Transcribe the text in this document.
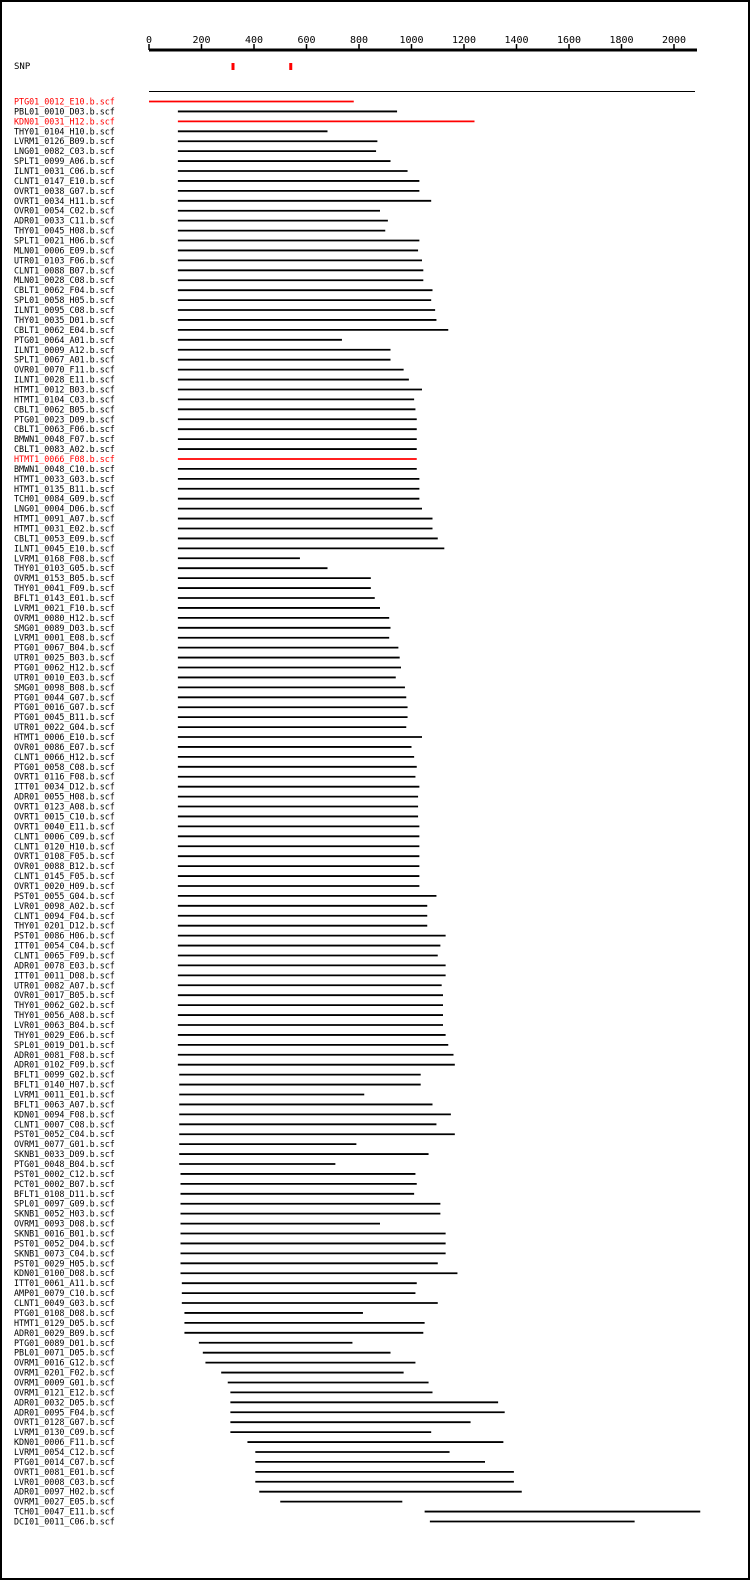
0	200	400	600	800	1000	1200	1400	1600	1800	2000
SNP
PTG01_0012_E10.b.scf
PBL01_0010_D03.b.scf
KDN01_0031_H12.b.scf
THY01_0104_H10.b.scf
LVRM1_0126_B09.b.scf
LNG01_0082_C03.b.scf
SPLT1_0099_A06.b.scf
ILNT1_0031_C06.b.scf
CLNT1_0147_E10.b.scf
OVRT1_0038_G07.b.scf
OVRT1_0034_H11.b.scf
OVR01_0054_C02.b.scf
ADR01_0033_C11.b.scf
THY01_0045_H08.b.scf
SPLT1_0021_H06.b.scf
MLN01_0006_E09.b.scf
UTR01_0103_F06.b.scf
CLNT1_0088_B07.b.scf
MLN01_0028_C08.b.scf
CBLT1_0062_F04.b.scf
SPL01_0058_H05.b.scf
ILNT1_0095_C08.b.scf
THY01_0035_D01.b.scf
CBLT1_0062_E04.b.scf
PTG01_0064_A01.b.scf
ILNT1_0009_A12.b.scf
SPLT1_0067_A01.b.scf
OVR01_0070_F11.b.scf
ILNT1_0028_E11.b.scf
HTMT1_0012_B03.b.scf
HTMT1_0104_C03.b.scf
CBLT1_0062_B05.b.scf
PTG01_0023_D09.b.scf
CBLT1_0063_F06.b.scf
BMWN1_0048_F07.b.scf
CBLT1_0083_A02.b.scf
HTMT1_0066_F08.b.scf
BMWN1_0048_C10.b.scf
HTMT1_0033_G03.b.scf
HTMT1_0135_B11.b.scf
TCH01_0084_G09.b.scf
LNG01_0004_D06.b.scf
HTMT1_0091_A07.b.scf
HTMT1_0031_E02.b.scf
CBLT1_0053_E09.b.scf
ILNT1_0045_E10.b.scf
LVRM1_0168_F08.b.scf
THY01_0103_G05.b.scf
OVRM1_0153_B05.b.scf
THY01_0041_F09.b.scf
BFLT1_0143_E01.b.scf
LVRM1_0021_F10.b.scf
OVRM1_0080_H12.b.scf
SMG01_0089_D03.b.scf
LVRM1_0001_E08.b.scf
PTG01_0067_B04.b.scf
UTR01_0025_B03.b.scf
PTG01_0062_H12.b.scf
UTR01_0010_E03.b.scf
SMG01_0098_B08.b.scf
PTG01_0044_G07.b.scf
PTG01_0016_G07.b.scf
PTG01_0045_B11.b.scf
UTR01_0022_G04.b.scf
HTMT1_0006_E10.b.scf
OVR01_0086_E07.b.scf
CLNT1_0066_H12.b.scf
PTG01_0058_C08.b.scf
OVRT1_0116_F08.b.scf
ITT01_0034_D12.b.scf
ADR01_0055_H08.b.scf
OVRT1_0123_A08.b.scf
OVRT1_0015_C10.b.scf
OVRT1_0040_E11.b.scf
CLNT1_0006_C09.b.scf
CLNT1_0120_H10.b.scf
OVRT1_0108_F05.b.scf
OVR01_0088_B12.b.scf
CLNT1_0145_F05.b.scf
OVRT1_0020_H09.b.scf
PST01_0055_G04.b.scf
LVR01_0098_A02.b.scf
CLNT1_0094_F04.b.scf
THY01_0201_D12.b.scf
PST01_0086_H06.b.scf
ITT01_0054_C04.b.scf
CLNT1_0065_F09.b.scf
ADR01_0078_E03.b.scf
ITT01_0011_D08.b.scf
UTR01_0082_A07.b.scf
OVR01_0017_B05.b.scf
THY01_0062_G02.b.scf
THY01_0056_A08.b.scf
LVR01_0063_B04.b.scf
THY01_0029_E06.b.scf
SPL01_0019_D01.b.scf
ADR01_0081_F08.b.scf
ADR01_0102_F09.b.scf
BFLT1_0099_G02.b.scf
BFLT1_0140_H07.b.scf
LVRM1_0011_E01.b.scf
BFLT1_0063_A07.b.scf
KDN01_0094_F08.b.scf
CLNT1_0007_C08.b.scf
PST01_0052_C04.b.scf
OVRM1_0077_G01.b.scf
SKNB1_0033_D09.b.scf
PTG01_0048_B04.b.scf
PST01_0002_C12.b.scf
PCT01_0002_B07.b.scf
BFLT1_0108_D11.b.scf
SPL01_0097_G09.b.scf
SKNB1_0052_H03.b.scf
OVRM1_0093_D08.b.scf
SKNB1_0016_B01.b.scf
PST01_0052_D04.b.scf
SKNB1_0073_C04.b.scf
PST01_0029_H05.b.scf
KDN01_0100_D08.b.scf
ITT01_0061_A11.b.scf
AMP01_0079_C10.b.scf
CLNT1_0049_G03.b.scf
PTG01_0108_D08.b.scf
HTMT1_0129_D05.b.scf
ADR01_0029_B09.b.scf
PTG01_0089_D01.b.scf
PBL01_0071_D05.b.scf
OVRM1_0016_G12.b.scf
OVRM1_0201_F02.b.scf
OVRM1_0009_G01.b.scf
OVRM1_0121_E12.b.scf
ADR01_0032_D05.b.scf
ADR01_0095_F04.b.scf
OVRT1_0128_G07.b.scf
LVRM1_0130_C09.b.scf
KDN01_0006_F11.b.scf
LVRM1_0054_C12.b.scf
PTG01_0014_C07.b.scf
OVRT1_0081_E01.b.scf
LVR01_0008_C03.b.scf
ADR01_0097_H02.b.scf
OVRM1_0027_E05.b.scf
TCH01_0047_E11.b.scf
DCI01_0011_C06.b.scf
